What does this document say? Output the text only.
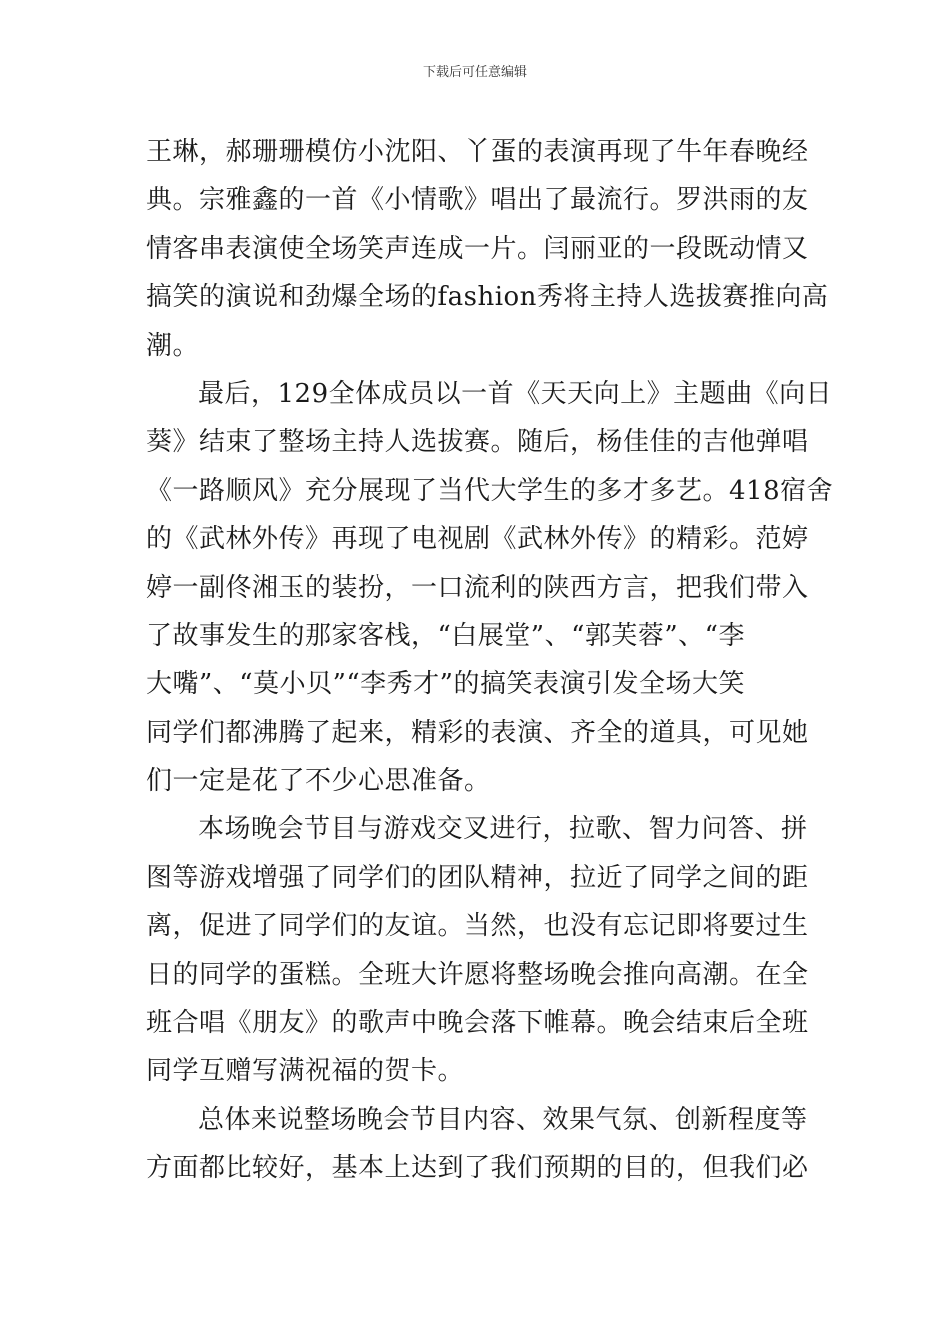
下载后可任意编辑
王琳，郝珊珊模仿小沈阳、丫蛋的表演再现了牛年春晚经
典。宗雅鑫的一首《小情歌》唱出了最流行。罗洪雨的友
情客串表演使全场笑声连成一片。闫丽亚的一段既动情又
搞笑的演说和劲爆全场的fashion秀将主持人选拔赛推向高
潮。
最后，129全体成员以一首《天天向上》主题曲《向日
葵》结束了整场主持人选拔赛。随后，杨佳佳的吉他弹唱
《一路顺风》充分展现了当代大学生的多才多艺。418宿舍
的《武林外传》再现了电视剧《武林外传》的精彩。范婷
婷一副佟湘玉的装扮，一口流利的陕西方言，把我们带入
了故事发生的那家客栈，“白展堂”、“郭芙蓉”、“李
大嘴”、“莫小贝”“李秀才”的搞笑表演引发全场大笑
同学们都沸腾了起来，精彩的表演、齐全的道具，可见她
们一定是花了不少心思准备。
本场晚会节目与游戏交叉进行，拉歌、智力问答、拼
图等游戏增强了同学们的团队精神，拉近了同学之间的距
离，促进了同学们的友谊。当然，也没有忘记即将要过生
日的同学的蛋糕。全班大许愿将整场晚会推向高潮。在全
班合唱《朋友》的歌声中晚会落下帷幕。晚会结束后全班
同学互赠写满祝福的贺卡。
总体来说整场晚会节目内容、效果气氛、创新程度等
方面都比较好，基本上达到了我们预期的目的，但我们必
